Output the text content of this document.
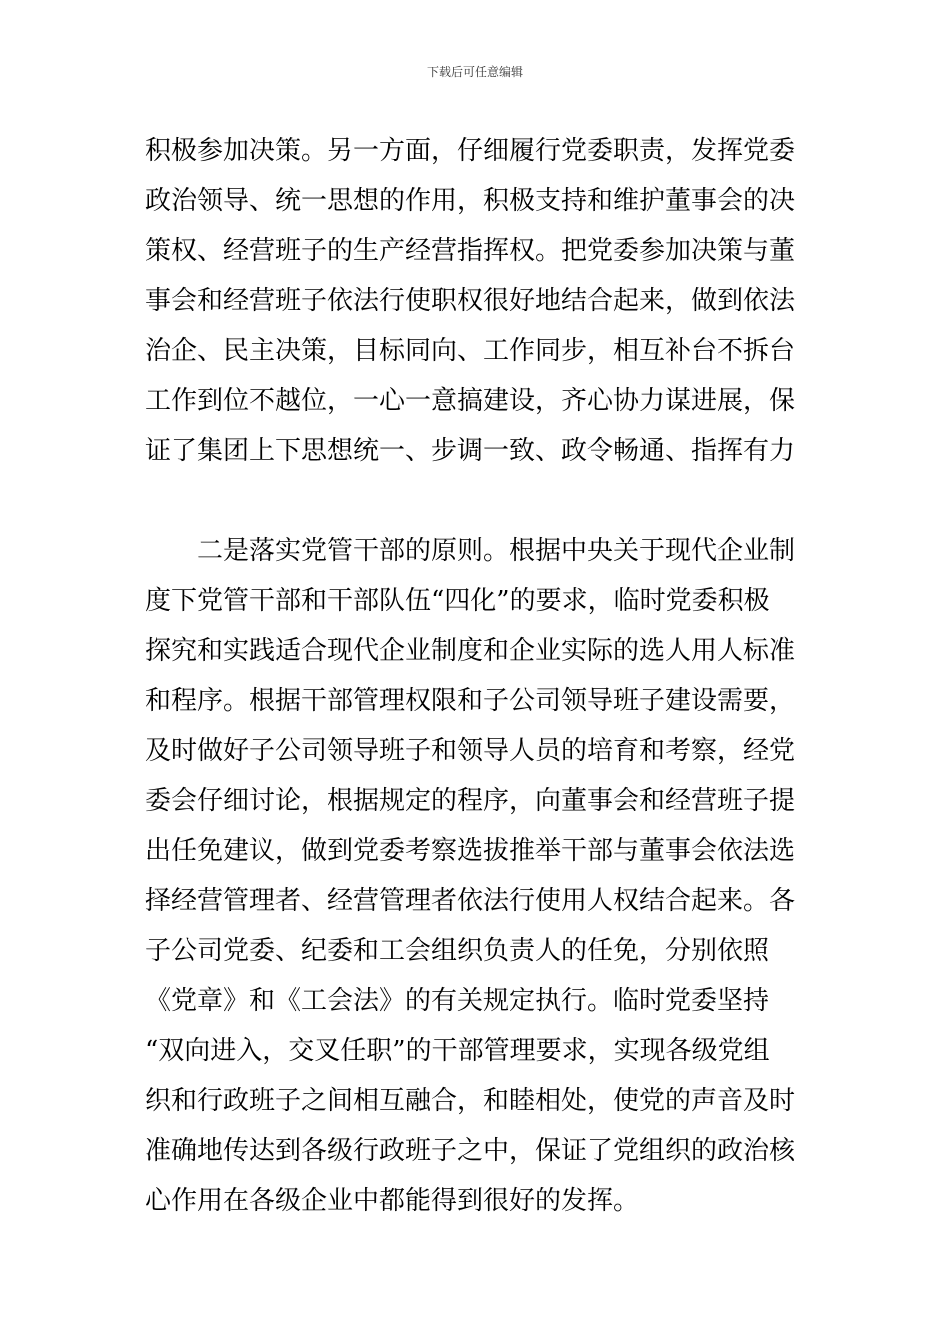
下载后可任意编辑
积极参加决策。另一方面，仔细履行党委职责，发挥党委
政治领导、统一思想的作用，积极支持和维护董事会的决
策权、经营班子的生产经营指挥权。把党委参加决策与董
事会和经营班子依法行使职权很好地结合起来，做到依法
治企、民主决策，目标同向、工作同步，相互补台不拆台
工作到位不越位，一心一意搞建设，齐心协力谋进展，保
证了集团上下思想统一、步调一致、政令畅通、指挥有力
　　二是落实党管干部的原则。根据中央关于现代企业制
度下党管干部和干部队伍“四化”的要求，临时党委积极
探究和实践适合现代企业制度和企业实际的选人用人标准
和程序。根据干部管理权限和子公司领导班子建设需要，
及时做好子公司领导班子和领导人员的培育和考察，经党
委会仔细讨论，根据规定的程序，向董事会和经营班子提
出任免建议，做到党委考察选拔推举干部与董事会依法选
择经营管理者、经营管理者依法行使用人权结合起来。各
子公司党委、纪委和工会组织负责人的任免，分别依照
《党章》和《工会法》的有关规定执行。临时党委坚持
“双向进入，交叉任职”的干部管理要求，实现各级党组
织和行政班子之间相互融合，和睦相处，使党的声音及时
准确地传达到各级行政班子之中，保证了党组织的政治核
心作用在各级企业中都能得到很好的发挥。
